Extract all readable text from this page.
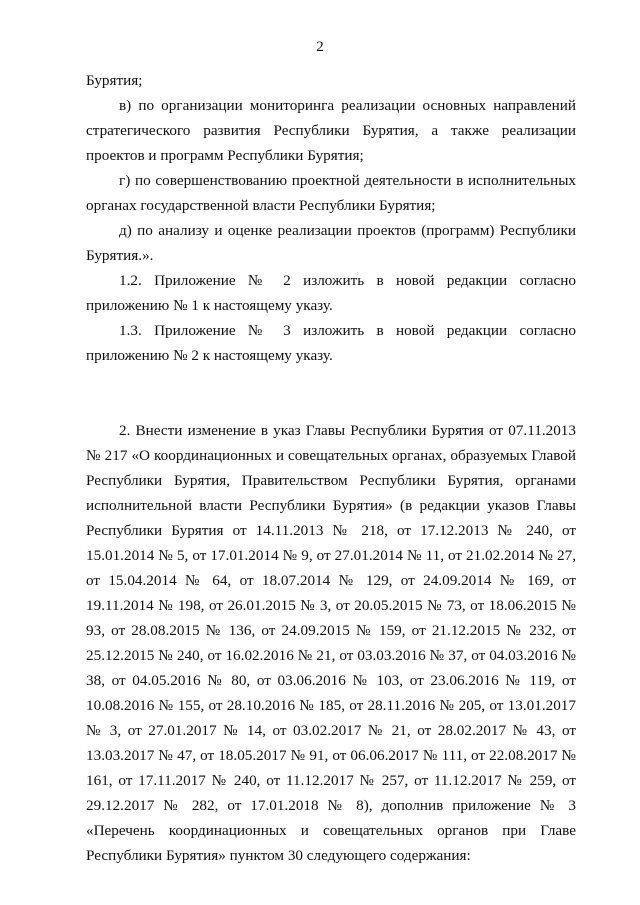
2

Бурятия;

в) по организации мониторинга реализации основных направлений стратегического развития Республики Бурятия, а также реализации проектов и программ Республики Бурятия;

г) по совершенствованию проектной деятельности в исполнительных органах государственной власти Республики Бурятия;

д) по анализу и оценке реализации проектов (программ) Республики Бурятия.».

1.2. Приложение № 2 изложить в новой редакции согласно приложению № 1 к настоящему указу.

1.3. Приложение № 3 изложить в новой редакции согласно приложению № 2 к настоящему указу.

2. Внести изменение в указ Главы Республики Бурятия от 07.11.2013 № 217 «О координационных и совещательных органах, образуемых Главой Республики Бурятия, Правительством Республики Бурятия, органами исполнительной власти Республики Бурятия» (в редакции указов Главы Республики Бурятия от 14.11.2013 № 218, от 17.12.2013 № 240, от 15.01.2014 № 5, от 17.01.2014 № 9, от 27.01.2014 № 11, от 21.02.2014 № 27, от 15.04.2014 № 64, от 18.07.2014 № 129, от 24.09.2014 № 169, от 19.11.2014 № 198, от 26.01.2015 № 3, от 20.05.2015 № 73, от 18.06.2015 № 93, от 28.08.2015 № 136, от 24.09.2015 № 159, от 21.12.2015 № 232, от 25.12.2015 № 240, от 16.02.2016 № 21, от 03.03.2016 № 37, от 04.03.2016 № 38, от 04.05.2016 № 80, от 03.06.2016 № 103, от 23.06.2016 № 119, от 10.08.2016 № 155, от 28.10.2016 № 185, от 28.11.2016 № 205, от 13.01.2017 № 3, от 27.01.2017 № 14, от 03.02.2017 № 21, от 28.02.2017 № 43, от 13.03.2017 № 47, от 18.05.2017 № 91, от 06.06.2017 № 111, от 22.08.2017 № 161, от 17.11.2017 № 240, от 11.12.2017 № 257, от 11.12.2017 № 259, от 29.12.2017 № 282, от 17.01.2018 № 8), дополнив приложение № 3 «Перечень координационных и совещательных органов при Главе Республики Бурятия» пунктом 30 следующего содержания:
